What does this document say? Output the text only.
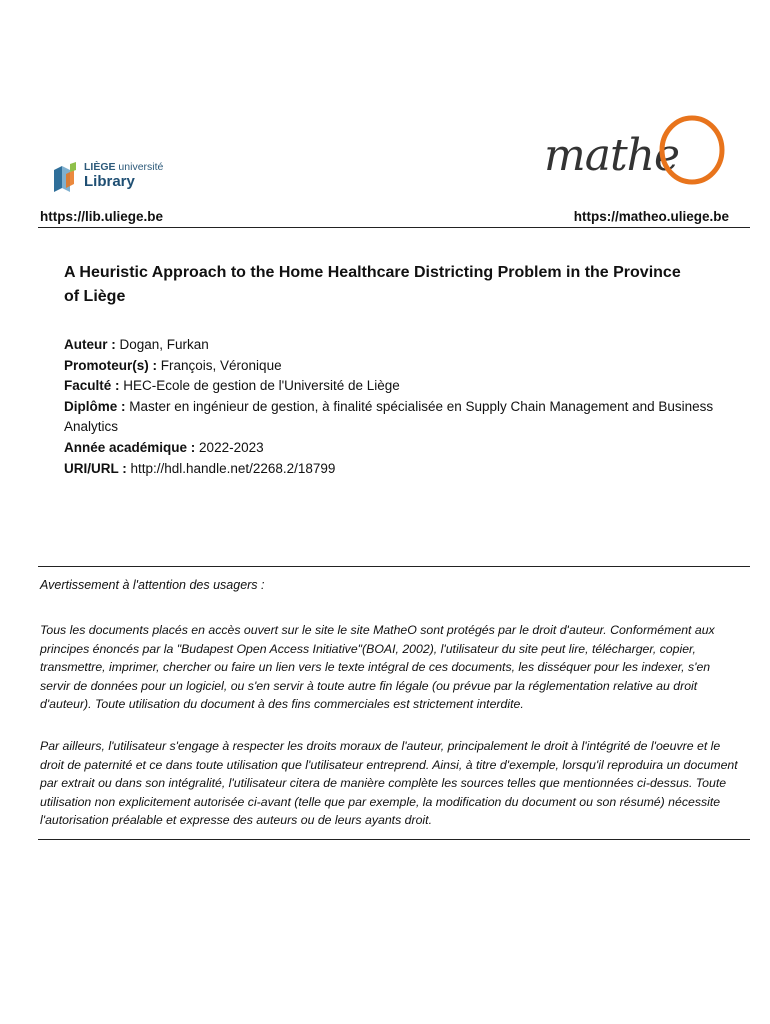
LIÈGE université
Library
mathe
https://lib.uliege.be	https://matheo.uliege.be
A Heuristic Approach to the Home Healthcare Districting Problem in the Province of Liège

Auteur : Dogan, Furkan

Promoteur(s) : François, Véronique

Faculté : HEC-Ecole de gestion de l'Université de Liège

Diplôme : Master en ingénieur de gestion, à finalité spécialisée en Supply Chain Management and Business Analytics

Année académique : 2022-2023

URI/URL : http://hdl.handle.net/2268.2/18799

Avertissement à l'attention des usagers :

Tous les documents placés en accès ouvert sur le site le site MatheO sont protégés par le droit d'auteur. Conformément aux principes énoncés par la "Budapest Open Access Initiative"(BOAI, 2002), l'utilisateur du site peut lire, télécharger, copier, transmettre, imprimer, chercher ou faire un lien vers le texte intégral de ces documents, les disséquer pour les indexer, s'en servir de données pour un logiciel, ou s'en servir à toute autre fin légale (ou prévue par la réglementation relative au droit d'auteur). Toute utilisation du document à des fins commerciales est strictement interdite.

Par ailleurs, l'utilisateur s'engage à respecter les droits moraux de l'auteur, principalement le droit à l'intégrité de l'oeuvre et le droit de paternité et ce dans toute utilisation que l'utilisateur entreprend. Ainsi, à titre d'exemple, lorsqu'il reproduira un document par extrait ou dans son intégralité, l'utilisateur citera de manière complète les sources telles que mentionnées ci-dessus. Toute utilisation non explicitement autorisée ci-avant (telle que par exemple, la modification du document ou son résumé) nécessite l'autorisation préalable et expresse des auteurs ou de leurs ayants droit.
